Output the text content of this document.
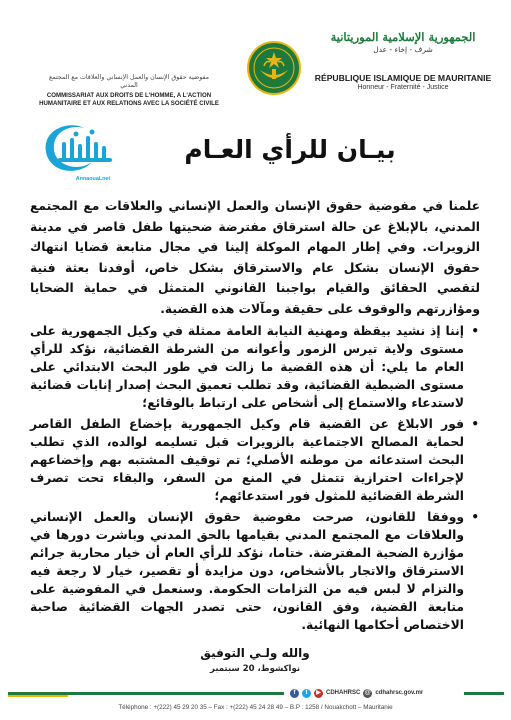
الجمهورية الإسلامية الموريتانية
شرف - إخاء - عدل
RÉPUBLIQUE ISLAMIQUE DE MAURITANIE
Honneur - Fraternité - Justice
مفوضية حقوق الإنسان والعمل الإنساني والعلاقات مع المجتمع
المدني
COMMISSARIAT AUX DROITS DE L'HOMME, A L'ACTION
HUMANITAIRE ET AUX RELATIONS AVEC LA SOCIÉTÉ CIVILE
AnnaouaLnet
بيـان للرأي العـام

علمنا في مفوضية حقوق الإنسان والعمل الإنساني والعلاقات مع المجتمع المدني، بالإبلاغ عن حالة استرقاق مفترضة ضحيتها طفل قاصر في مدينة الزويرات. وفي إطار المهام الموكلة إلينا في مجال متابعة قضايا انتهاك حقوق الإنسان بشكل عام والاسترقاق بشكل خاص، أوفدنا بعثة فنية لتقصي الحقائق والقيام بواجبنا القانوني المتمثل في حماية الضحايا ومؤازرتهم والوقوف على حقيقة ومآلات هذه القضية.

•
إننا إذ نشيد بيقظة ومهنية النيابة العامة ممثلة في وكيل الجمهورية على مستوى ولاية تيرس الزمور وأعوانه من الشرطة القضائية، نؤكد للرأي العام ما يلي: أن هذه القضية ما زالت في طور البحث الابتدائي على مستوى الضبطية القضائية، وقد تطلب تعميق البحث إصدار إنابات قضائية لاستدعاء والاستماع إلى أشخاص على ارتباط بالوقائع؛
•
فور الابلاغ عن القضية قام وكيل الجمهورية بإخضاع الطفل القاصر لحماية المصالح الاجتماعية بالزويرات قبل تسليمه لوالده، الذي تطلب البحث استدعائه من موطنه الأصلي؛ تم توقيف المشتبه بهم وإخضاعهم لإجراءات احترازية تتمثل في المنع من السفر، والبقاء تحت تصرف الشرطة القضائية للمثول فور استدعائهم؛
•
ووفقا للقانون، صرحت مفوضية حقوق الإنسان والعمل الإنساني والعلاقات مع المجتمع المدني بقيامها بالحق المدني وباشرت دورها في مؤازرة الضحية المفترضة. ختاما، نؤكد للرأي العام أن خيار محاربة جرائم الاسترقاق والاتجار بالأشخاص، دون مزايدة أو تقصير، خيار لا رجعة فيه والتزام لا لبس فيه من التزامات الحكومة. وسنعمل في المفوضية على متابعة القضية، وفق القانون، حتى تصدر الجهات القضائية صاحبة الاختصاص أحكامها النهائية.
والله ولـي التوفيق
نواكشوط، 20 سبتمبر
f	t	▶ CDHAHRSC @ cdhahrsc.gov.mr
Téléphone : +(222) 45 29 20 35 – Fax : +(222) 45 24 28 49 – B.P : 1258 / Nouakchott – Mauritanie
